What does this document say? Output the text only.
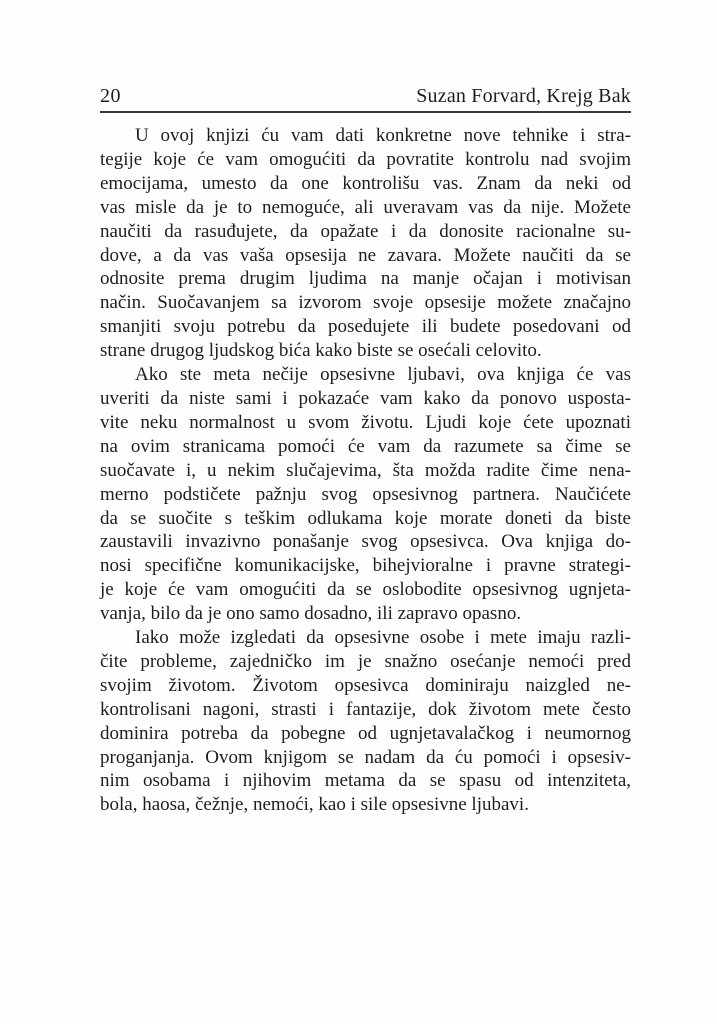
20	Suzan Forvard, Krejg Bak
U ovoj knjizi ću vam dati konkretne nove tehnike i stra-
tegije koje će vam omogućiti da povratite kontrolu nad svojim
emocijama, umesto da one kontrolišu vas. Znam da neki od
vas misle da je to nemoguće, ali uveravam vas da nije. Možete
naučiti da rasuđujete, da opažate i da donosite racionalne su-
dove, a da vas vaša opsesija ne zavara. Možete naučiti da se
odnosite prema drugim ljudima na manje očajan i motivisan
način. Suočavanjem sa izvorom svoje opsesije možete značajno
smanjiti svoju potrebu da posedujete ili budete posedovani od
strane drugog ljudskog bića kako biste se osećali celovito.
Ako ste meta nečije opsesivne ljubavi, ova knjiga će vas
uveriti da niste sami i pokazaće vam kako da ponovo usposta-
vite neku normalnost u svom životu. Ljudi koje ćete upoznati
na ovim stranicama pomoći će vam da razumete sa čime se
suočavate i, u nekim slučajevima, šta možda radite čime nena-
merno podstičete pažnju svog opsesivnog partnera. Naučićete
da se suočite s teškim odlukama koje morate doneti da biste
zaustavili invazivno ponašanje svog opsesivca. Ova knjiga do-
nosi specifične komunikacijske, bihejvioralne i pravne strategi-
je koje će vam omogućiti da se oslobodite opsesivnog ugnjeta-
vanja, bilo da je ono samo dosadno, ili zapravo opasno.
Iako može izgledati da opsesivne osobe i mete imaju razli-
čite probleme, zajedničko im je snažno osećanje nemoći pred
svojim životom. Životom opsesivca dominiraju naizgled ne-
kontrolisani nagoni, strasti i fantazije, dok životom mete često
dominira potreba da pobegne od ugnjetavalačkog i neumornog
proganjanja. Ovom knjigom se nadam da ću pomoći i opsesiv-
nim osobama i njihovim metama da se spasu od intenziteta,
bola, haosa, čežnje, nemoći, kao i sile opsesivne ljubavi.
